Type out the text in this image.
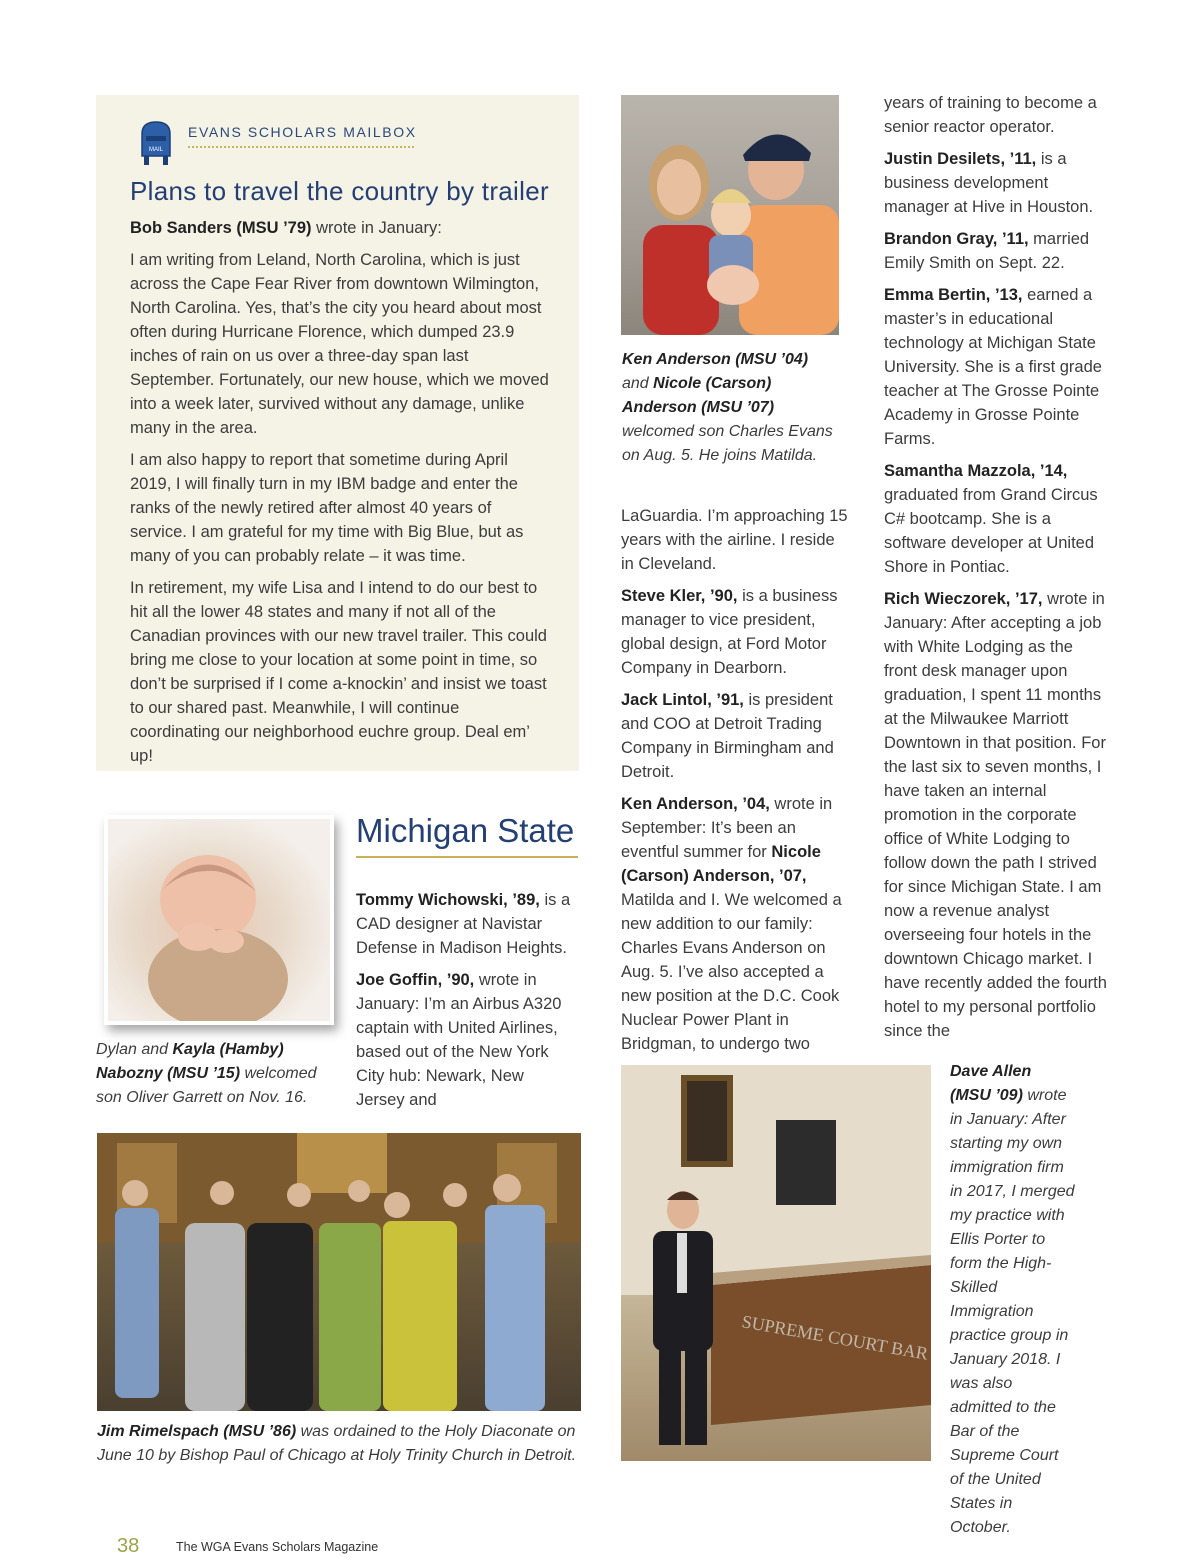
MAIL
EVANS SCHOLARS MAILBOX
Plans to travel the country by trailer

Bob Sanders (MSU ’79) wrote in January:

I am writing from Leland, North Carolina, which is just across the Cape Fear River from downtown Wilmington, North Carolina. Yes, that’s the city you heard about most often during Hurricane Florence, which dumped 23.9 inches of rain on us over a three-day span last September. Fortunately, our new house, which we moved into a week later, survived without any damage, unlike many in the area.

I am also happy to report that sometime during April 2019, I will finally turn in my IBM badge and enter the ranks of the newly retired after almost 40 years of service. I am grateful for my time with Big Blue, but as many of you can probably relate – it was time.

In retirement, my wife Lisa and I intend to do our best to hit all the lower 48 states and many if not all of the Canadian provinces with our new travel trailer. This could bring me close to your location at some point in time, so don’t be surprised if I come a-knockin’ and insist we toast to our shared past. Meanwhile, I will continue coordinating our neighborhood euchre group. Deal em’ up!

Ken Anderson (MSU ’04) and Nicole (Carson) Anderson (MSU ’07) welcomed son Charles Evans on Aug. 5. He joins Matilda.

LaGuardia. I’m approaching 15 years with the airline. I reside in Cleveland.

Steve Kler, ’90, is a business manager to vice president, global design, at Ford Motor Company in Dearborn.

Jack Lintol, ’91, is president and COO at Detroit Trading Company in Birmingham and Detroit.

Ken Anderson, ’04, wrote in September: It’s been an eventful summer for Nicole (Carson) Anderson, ’07, Matilda and I. We welcomed a new addition to our family: Charles Evans Anderson on Aug. 5. I’ve also accepted a new position at the D.C. Cook Nuclear Power Plant in Bridgman, to undergo two

years of training to become a senior reactor operator.

Justin Desilets, ’11, is a business development manager at Hive in Houston.

Brandon Gray, ’11, married Emily Smith on Sept. 22.

Emma Bertin, ’13, earned a master’s in educational technology at Michigan State University. She is a first grade teacher at The Grosse Pointe Academy in Grosse Pointe Farms.

Samantha Mazzola, ’14, graduated from Grand Circus C# bootcamp. She is a software developer at United Shore in Pontiac.

Rich Wieczorek, ’17, wrote in January: After accepting a job with White Lodging as the front desk manager upon graduation, I spent 11 months at the Milwaukee Marriott Downtown in that position. For the last six to seven months, I have taken an internal promotion in the corporate office of White Lodging to follow down the path I strived for since Michigan State. I am now a revenue analyst overseeing four hotels in the downtown Chicago market. I have recently added the fourth hotel to my personal portfolio since the

Dylan and Kayla (Hamby) Nabozny (MSU ’15) welcomed son Oliver Garrett on Nov. 16.
Michigan State

Tommy Wichowski, ’89, is a CAD designer at Navistar Defense in Madison Heights.

Joe Goffin, ’90, wrote in January: I’m an Airbus A320 captain with United Airlines, based out of the New York City hub: Newark, New Jersey and

Jim Rimelspach (MSU ’86) was ordained to the Holy Diaconate on June 10 by Bishop Paul of Chicago at Holy Trinity Church in Detroit.
SUPREME COURT BAR
Dave Allen (MSU ’09) wrote in January: After starting my own immigration firm in 2017, I merged my practice with Ellis Porter to form the High-Skilled Immigration practice group in January 2018. I was also admitted to the Bar of the Supreme Court of the United States in October.
38	The WGA Evans Scholars Magazine
